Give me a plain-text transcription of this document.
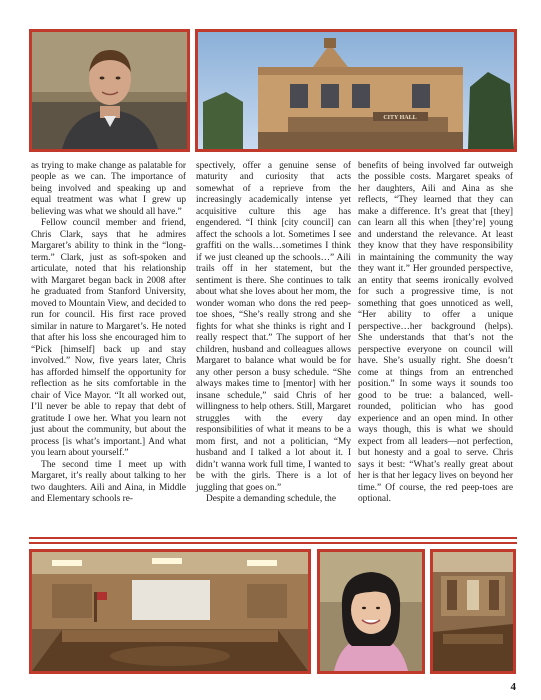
CITY HALL

as trying to make change as palatable for people as we can. The importance of being involved and speaking up and equal treatment was what I grew up believing was what we should all have.”

Fellow council member and friend, Chris Clark, says that he admires Margaret’s ability to think in the “long-term.” Clark, just as soft-spoken and articulate, noted that his relationship with Margaret began back in 2008 after he graduated from Stanford University, moved to Mountain View, and decided to run for council. His first race proved similar in nature to Margaret’s. He noted that after his loss she encouraged him to “Pick [himself] back up and stay involved.” Now, five years later, Chris has afforded himself the opportunity for reflection as he sits comfortable in the chair of Vice Mayor. “It all worked out, I’ll never be able to repay that debt of gratitude I owe her. What you learn not just about the community, but about the process [is what’s important.] And what you learn about yourself.”

The second time I meet up with Margaret, it’s really about talking to her two daughters. Aili and Aina, in Middle and Elementary schools re-

spectively, offer a genuine sense of maturity and curiosity that acts somewhat of a reprieve from the increasingly academically intense yet acquisitive culture this age has engendered. “I think [city council] can affect the schools a lot. Sometimes I see graffiti on the walls…sometimes I think if we just cleaned up the schools…” Aili trails off in her statement, but the sentiment is there. She continues to talk about what she loves about her mom, the wonder woman who dons the red peep-toe shoes, “She’s really strong and she fights for what she thinks is right and I really respect that.” The support of her children, husband and colleagues allows Margaret to balance what would be for any other person a busy schedule. “She always makes time to [mentor] with her insane schedule,” said Chris of her willingness to help others. Still, Margaret struggles with the every day responsibilities of what it means to be a mom first, and not a politician, “My husband and I talked a lot about it. I didn’t wanna work full time, I wanted to be with the girls. There is a lot of juggling that goes on.”

Despite a demanding schedule, the

benefits of being involved far outweigh the possible costs. Margaret speaks of her daughters, Aili and Aina as she reflects, “They learned that they can make a difference. It’s great that [they] can learn all this when [they’re] young and understand the relevance. At least they know that they have responsibility in maintaining the community the way they want it.” Her grounded perspective, an entity that seems ironically evolved for such a progressive time, is not something that goes unnoticed as well, “Her ability to offer a unique perspective…her background (helps). She understands that that’s not the perspective everyone on council will have. She’s usually right. She doesn’t come at things from an entrenched position.” In some ways it sounds too good to be true: a balanced, well-rounded, politician who has good experience and an open mind. In other ways though, this is what we should expect from all leaders—not perfection, but honesty and a goal to serve. Chris says it best: “What’s really great about her is that her legacy lives on beyond her time.” Of course, the red peep-toes are optional.

4
